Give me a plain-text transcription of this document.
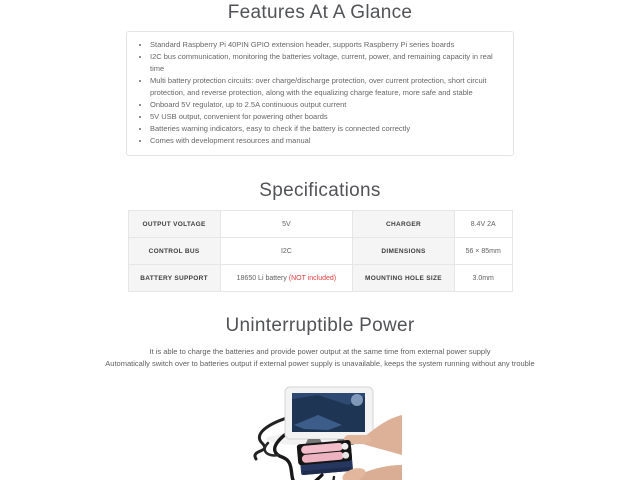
Features At A Glance
• Standard Raspberry Pi 40PIN GPIO extension header, supports Raspberry Pi series boards
• I2C bus communication, monitoring the batteries voltage, current, power, and remaining capacity in real time
• Multi battery protection circuits: over charge/discharge protection, over current protection, short circuit protection, and reverse protection, along with the equalizing charge feature, more safe and stable
• Onboard 5V regulator, up to 2.5A continuous output current
• 5V USB output, convenient for powering other boards
• Batteries warning indicators, easy to check if the battery is connected correctly
• Comes with development resources and manual
Specifications
OUTPUT VOLTAGE	5V	CHARGER	8.4V 2A
CONTROL BUS	I2C	DIMENSIONS	56 × 85mm
BATTERY SUPPORT	18650 Li battery (NOT included)	MOUNTING HOLE SIZE	3.0mm
Uninterruptible Power

It is able to charge the batteries and provide power output at the same time from external power supply

Automatically switch over to batteries output if external power supply is unavailable, keeps the system running without any trouble
